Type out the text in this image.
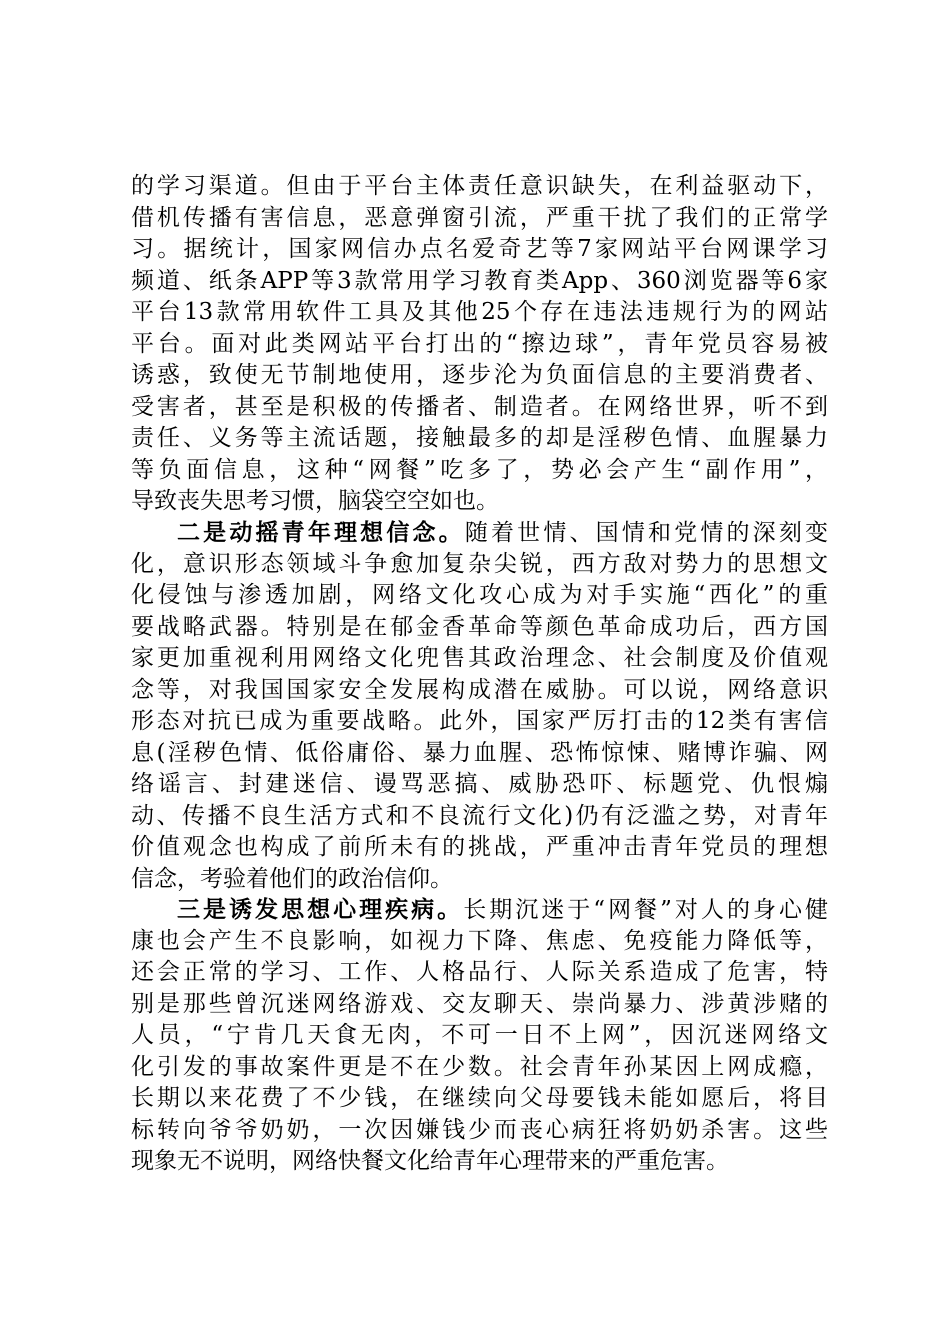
的学习渠道。但由于平台主体责任意识缺失，在利益驱动下，
借机传播有害信息，恶意弹窗引流，严重干扰了我们的正常学
习。据统计，国家网信办点名爱奇艺等7家网站平台网课学习
频道、纸条APP等3款常用学习教育类App、360浏览器等6家
平台13款常用软件工具及其他25个存在违法违规行为的网站
平台。面对此类网站平台打出的“擦边球”，青年党员容易被
诱惑，致使无节制地使用，逐步沦为负面信息的主要消费者、
受害者，甚至是积极的传播者、制造者。在网络世界，听不到
责任、义务等主流话题，接触最多的却是淫秽色情、血腥暴力
等负面信息，这种“网餐”吃多了，势必会产生“副作用”，
导致丧失思考习惯，脑袋空空如也。
二是动摇青年理想信念。随着世情、国情和党情的深刻变
化，意识形态领域斗争愈加复杂尖锐，西方敌对势力的思想文
化侵蚀与渗透加剧，网络文化攻心成为对手实施“西化”的重
要战略武器。特别是在郁金香革命等颜色革命成功后，西方国
家更加重视利用网络文化兜售其政治理念、社会制度及价值观
念等，对我国国家安全发展构成潜在威胁。可以说，网络意识
形态对抗已成为重要战略。此外，国家严厉打击的12类有害信
息(淫秽色情、低俗庸俗、暴力血腥、恐怖惊悚、赌博诈骗、网
络谣言、封建迷信、谩骂恶搞、威胁恐吓、标题党、仇恨煽
动、传播不良生活方式和不良流行文化)仍有泛滥之势，对青年
价值观念也构成了前所未有的挑战，严重冲击青年党员的理想
信念，考验着他们的政治信仰。
三是诱发思想心理疾病。长期沉迷于“网餐”对人的身心健
康也会产生不良影响，如视力下降、焦虑、免疫能力降低等，
还会正常的学习、工作、人格品行、人际关系造成了危害，特
别是那些曾沉迷网络游戏、交友聊天、崇尚暴力、涉黄涉赌的
人员，“宁肯几天食无肉，不可一日不上网”，因沉迷网络文
化引发的事故案件更是不在少数。社会青年孙某因上网成瘾，
长期以来花费了不少钱，在继续向父母要钱未能如愿后，将目
标转向爷爷奶奶，一次因嫌钱少而丧心病狂将奶奶杀害。这些
现象无不说明，网络快餐文化给青年心理带来的严重危害。
